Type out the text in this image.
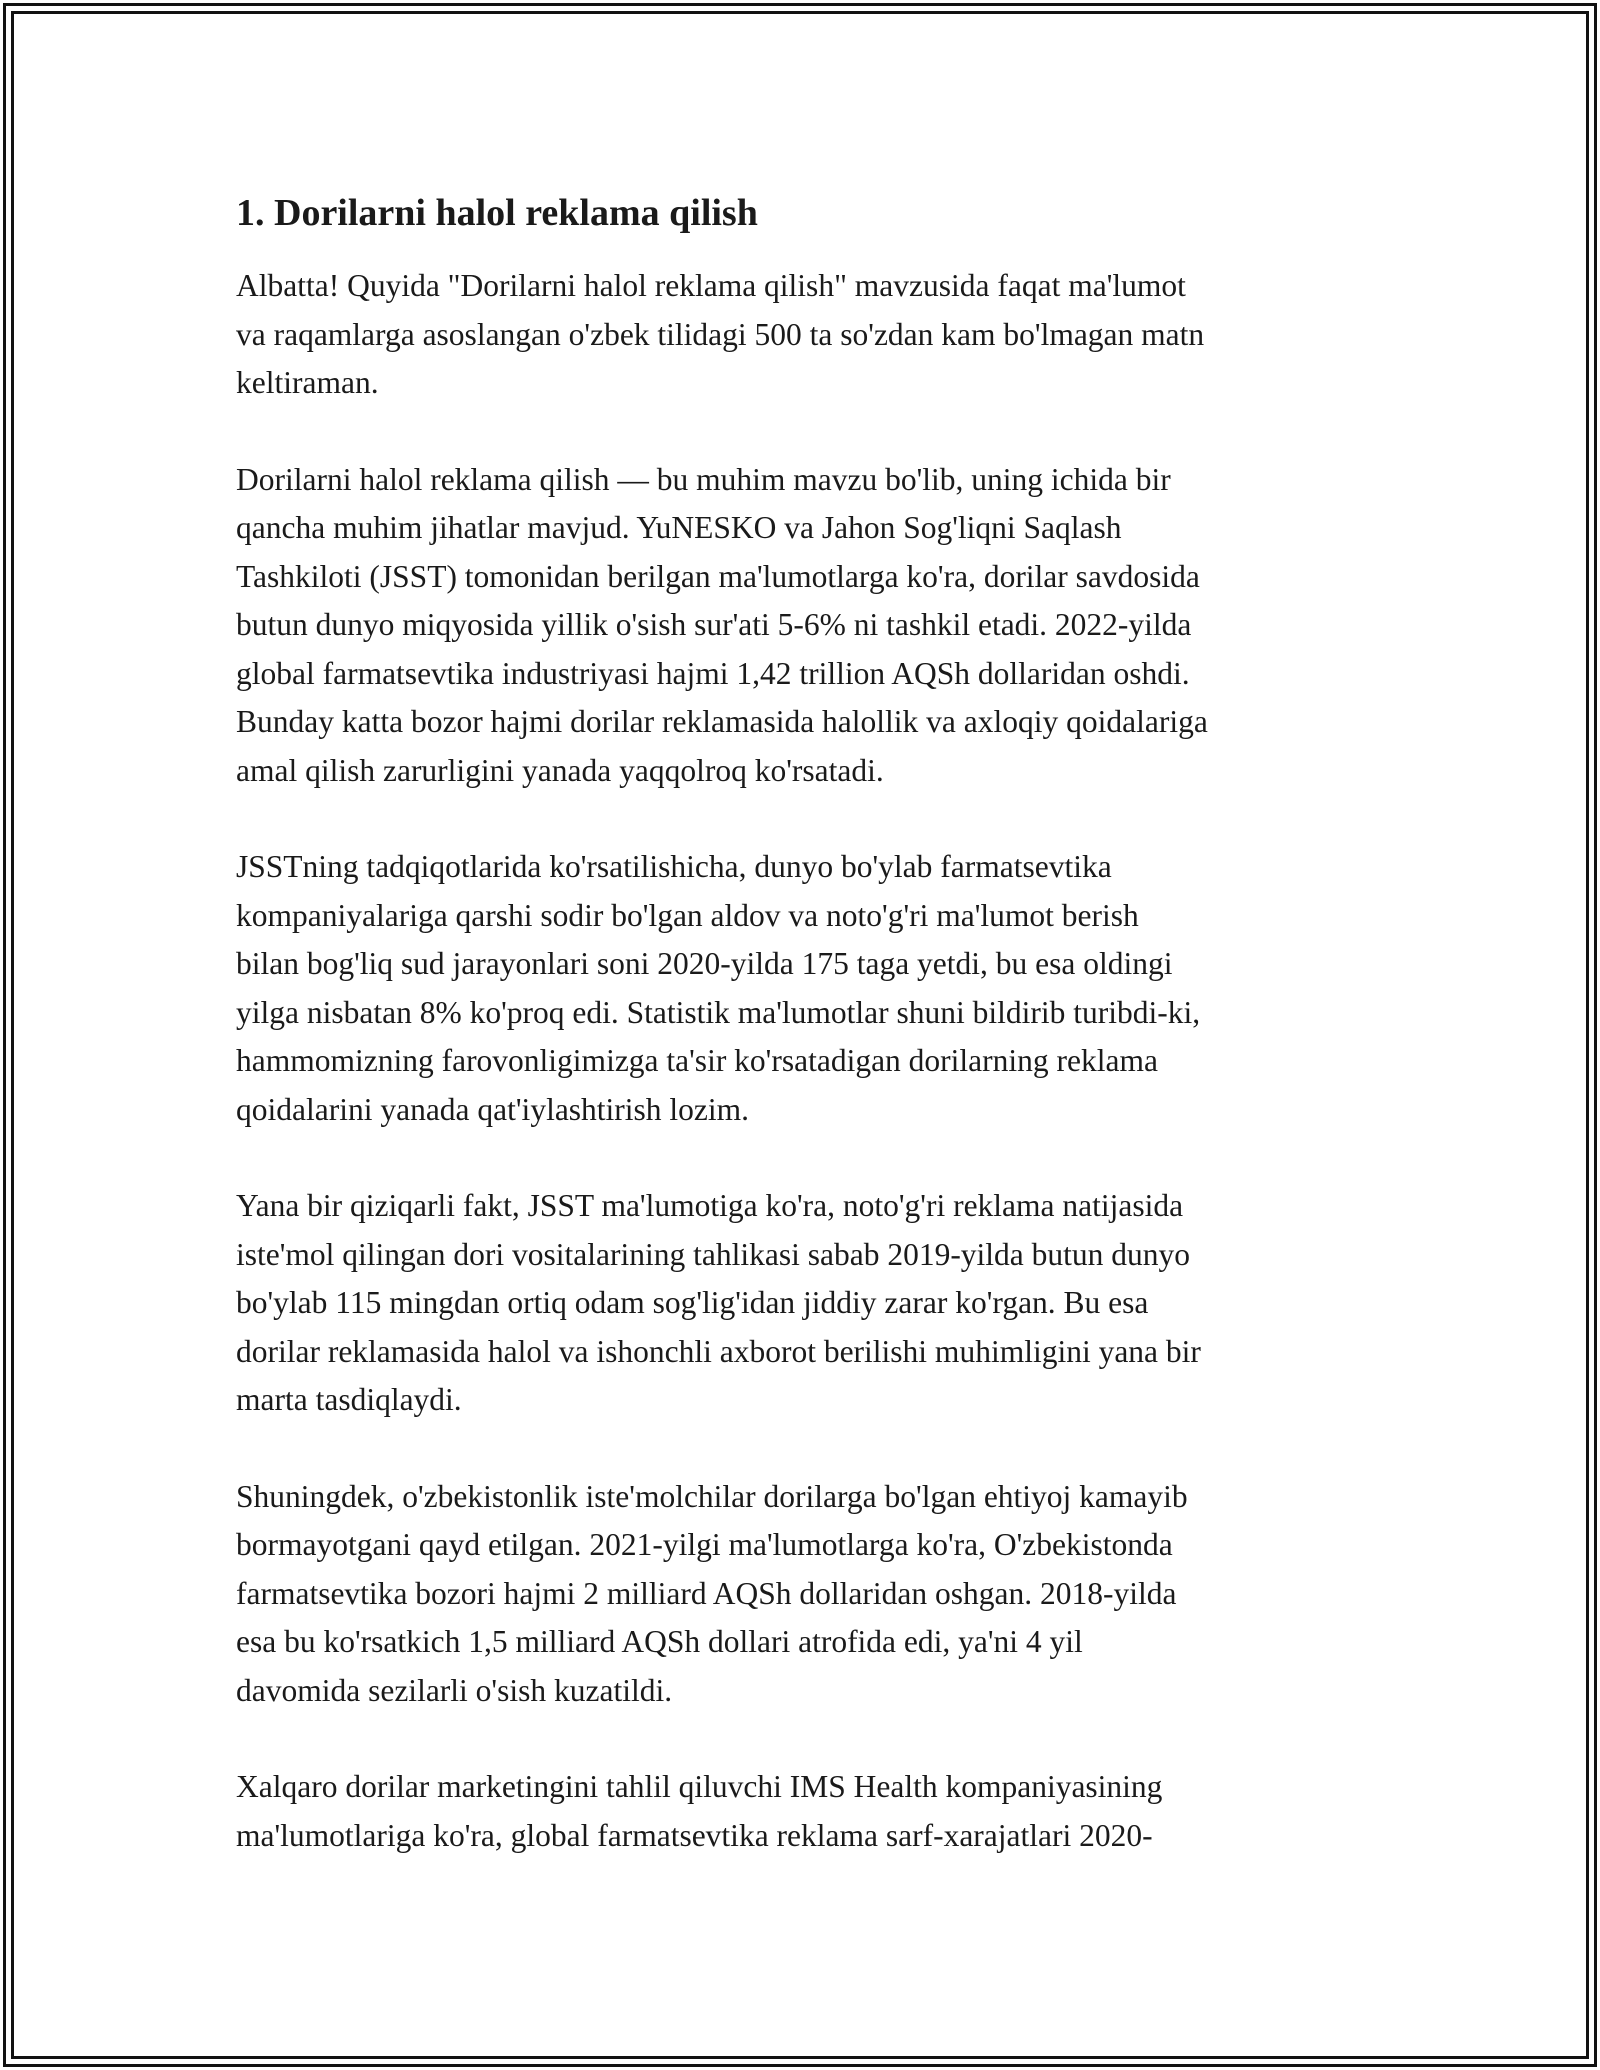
1. Dorilarni halol reklama qilish

Albatta! Quyida "Dorilarni halol reklama qilish" mavzusida faqat ma'lumot
va raqamlarga asoslangan o'zbek tilidagi 500 ta so'zdan kam bo'lmagan matn
keltiraman.

Dorilarni halol reklama qilish — bu muhim mavzu bo'lib, uning ichida bir
qancha muhim jihatlar mavjud. YuNESKO va Jahon Sog'liqni Saqlash
Tashkiloti (JSST) tomonidan berilgan ma'lumotlarga ko'ra, dorilar savdosida
butun dunyo miqyosida yillik o'sish sur'ati 5-6% ni tashkil etadi. 2022-yilda
global farmatsevtika industriyasi hajmi 1,42 trillion AQSh dollaridan oshdi.
Bunday katta bozor hajmi dorilar reklamasida halollik va axloqiy qoidalariga
amal qilish zarurligini yanada yaqqolroq ko'rsatadi.

JSSTning tadqiqotlarida ko'rsatilishicha, dunyo bo'ylab farmatsevtika
kompaniyalariga qarshi sodir bo'lgan aldov va noto'g'ri ma'lumot berish
bilan bog'liq sud jarayonlari soni 2020-yilda 175 taga yetdi, bu esa oldingi
yilga nisbatan 8% ko'proq edi. Statistik ma'lumotlar shuni bildirib turibdi-ki,
hammomizning farovonligimizga ta'sir ko'rsatadigan dorilarning reklama
qoidalarini yanada qat'iylashtirish lozim.

Yana bir qiziqarli fakt, JSST ma'lumotiga ko'ra, noto'g'ri reklama natijasida
iste'mol qilingan dori vositalarining tahlikasi sabab 2019-yilda butun dunyo
bo'ylab 115 mingdan ortiq odam sog'lig'idan jiddiy zarar ko'rgan. Bu esa
dorilar reklamasida halol va ishonchli axborot berilishi muhimligini yana bir
marta tasdiqlaydi.

Shuningdek, o'zbekistonlik iste'molchilar dorilarga bo'lgan ehtiyoj kamayib
bormayotgani qayd etilgan. 2021-yilgi ma'lumotlarga ko'ra, O'zbekistonda
farmatsevtika bozori hajmi 2 milliard AQSh dollaridan oshgan. 2018-yilda
esa bu ko'rsatkich 1,5 milliard AQSh dollari atrofida edi, ya'ni 4 yil
davomida sezilarli o'sish kuzatildi.

Xalqaro dorilar marketingini tahlil qiluvchi IMS Health kompaniyasining
ma'lumotlariga ko'ra, global farmatsevtika reklama sarf-xarajatlari 2020-
